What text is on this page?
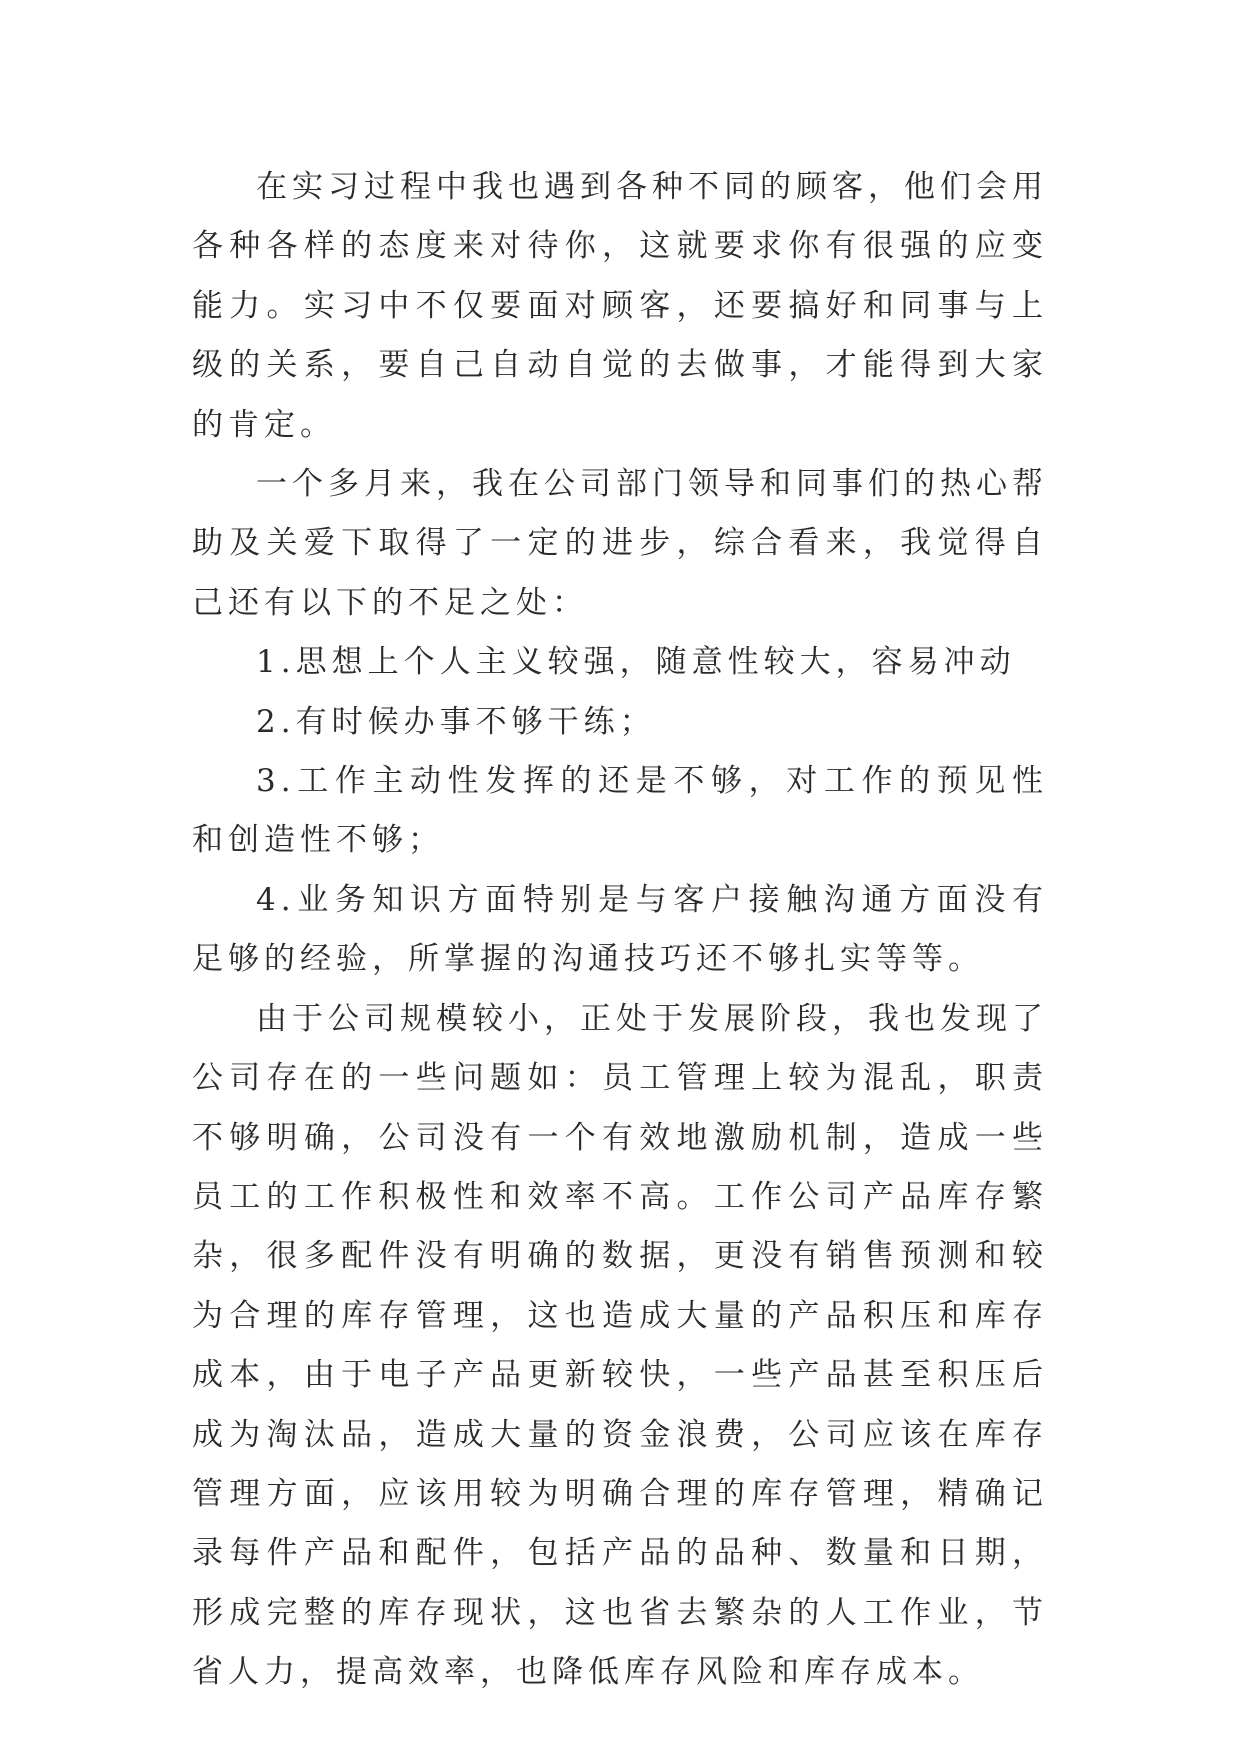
在实习过程中我也遇到各种不同的顾客，他们会用各种各样的态度来对待你，这就要求你有很强的应变能力。实习中不仅要面对顾客，还要搞好和同事与上级的关系，要自己自动自觉的去做事，才能得到大家的肯定。

一个多月来，我在公司部门领导和同事们的热心帮助及关爱下取得了一定的进步，综合看来，我觉得自己还有以下的不足之处：

1.思想上个人主义较强，随意性较大，容易冲动

2.有时候办事不够干练；

3.工作主动性发挥的还是不够，对工作的预见性和创造性不够；

4.业务知识方面特别是与客户接触沟通方面没有足够的经验，所掌握的沟通技巧还不够扎实等等。

由于公司规模较小，正处于发展阶段，我也发现了公司存在的一些问题如：员工管理上较为混乱，职责不够明确，公司没有一个有效地激励机制，造成一些员工的工作积极性和效率不高。工作公司产品库存繁杂，很多配件没有明确的数据，更没有销售预测和较为合理的库存管理，这也造成大量的产品积压和库存成本，由于电子产品更新较快，一些产品甚至积压后成为淘汰品，造成大量的资金浪费，公司应该在库存管理方面，应该用较为明确合理的库存管理，精确记录每件产品和配件，包括产品的品种、数量和日期，形成完整的库存现状，这也省去繁杂的人工作业，节省人力，提高效率，也降低库存风险和库存成本。
